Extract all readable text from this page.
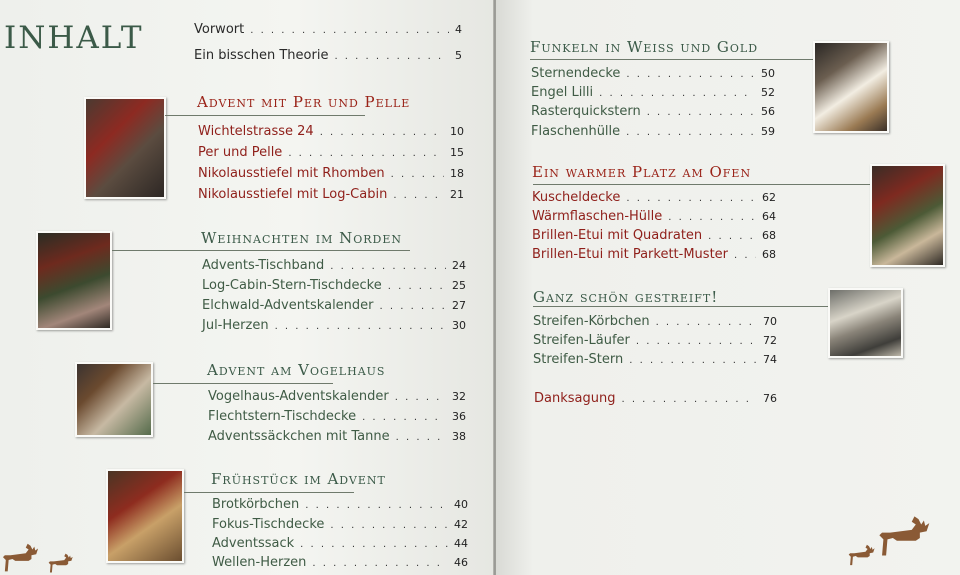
INHALT	Vorwort . . .	4
Ein bisschen Theorie . . .	5
Advent mit Per und Pelle
Wichtelstrasse 24 . . .	10
Per und Pelle . . .	15
Nikolausstiefel mit Rhomben . . .	18
Nikolausstiefel mit Log-Cabin . . .	21
Weihnachten im Norden
Advents-Tischband . . .	24
Log-Cabin-Stern-Tischdecke . . .	25
Elchwald-Adventskalender . . .	27
Jul-Herzen . . .	30
Advent am Vogelhaus
Vogelhaus-Adventskalender . . .	32
Flechtstern-Tischdecke . . .	36
Adventssäckchen mit Tanne . . .	38
Frühstück im Advent
Brotkörbchen . . .	40
Fokus-Tischdecke . . .	42
Adventssack . . .	44
Wellen-Herzen . . .	46
Funkeln in Weiss und Gold
Sternendecke . . .	50
Engel Lilli . . .	52
Rasterquickstern . . .	56
Flaschenhülle . . .	59
Ein warmer Platz am Ofen
Kuscheldecke . . .	62
Wärmflaschen-Hülle . . .	64
Brillen-Etui mit Quadraten . . .	68
Brillen-Etui mit Parkett-Muster . . .	68
Ganz schön gestreift!
Streifen-Körbchen . . .	70
Streifen-Läufer . . .	72
Streifen-Stern . . .	74
Danksagung . . .	76
